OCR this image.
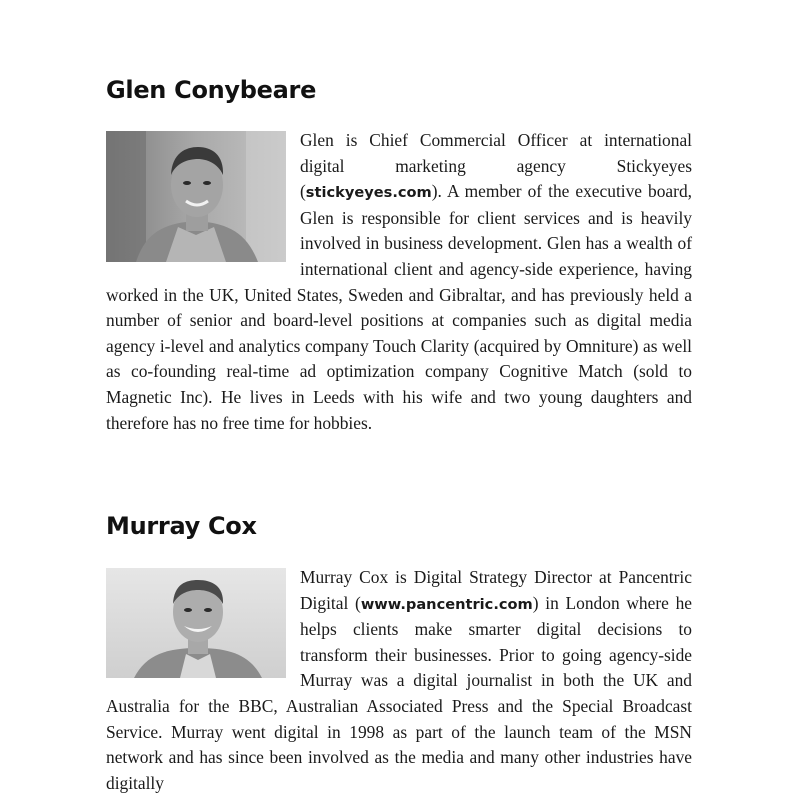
Glen Conybeare

Glen is Chief Commercial Officer at international digital marketing agency Stickyeyes (stickyeyes.com). A member of the executive board, Glen is responsible for client services and is heavily involved in business development. Glen has a wealth of international client and agency-side experience, having worked in the UK, United States, Sweden and Gibraltar, and has previously held a number of senior and board-level positions at companies such as digital media agency i-level and analytics company Touch Clarity (acquired by Omniture) as well as co-founding real-time ad optimization company Cognitive Match (sold to Magnetic Inc). He lives in Leeds with his wife and two young daughters and therefore has no free time for hobbies.

Murray Cox

Murray Cox is Digital Strategy Director at Pancentric Digital (www.pancentric.com) in London where he helps clients make smarter digital decisions to transform their businesses. Prior to going agency-side Murray was a digital journalist in both the UK and Australia for the BBC, Australian Associated Press and the Special Broadcast Service. Murray went digital in 1998 as part of the launch team of the MSN network and has since been involved as the media and many other industries have digitally
